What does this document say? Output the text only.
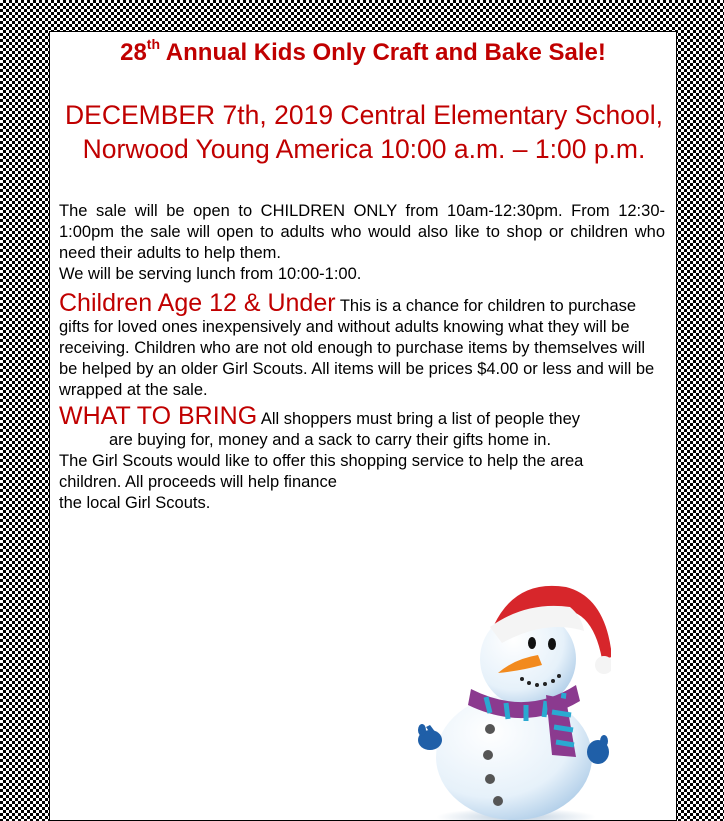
28th Annual Kids Only Craft and Bake Sale!

DECEMBER 7th, 2019 Central Elementary School, Norwood Young America 10:00 a.m. – 1:00 p.m.

The sale will be open to CHILDREN ONLY from 10am-12:30pm. From 12:30-1:00pm the sale will open to adults who would also like to shop or children who need their adults to help them.

We will be serving lunch from 10:00-1:00.

Children Age 12 & Under This is a chance for children to purchase gifts for loved ones inexpensively and without adults knowing what they will be receiving. Children who are not old enough to purchase items by themselves will be helped by an older Girl Scouts. All items will be prices $4.00 or less and will be wrapped at the sale.

WHAT TO BRING All shoppers must bring a list of people they

are buying for, money and a sack to carry their gifts home in.

The Girl Scouts would like to offer this shopping service to help the area children. All proceeds will help finance

the local Girl Scouts.
